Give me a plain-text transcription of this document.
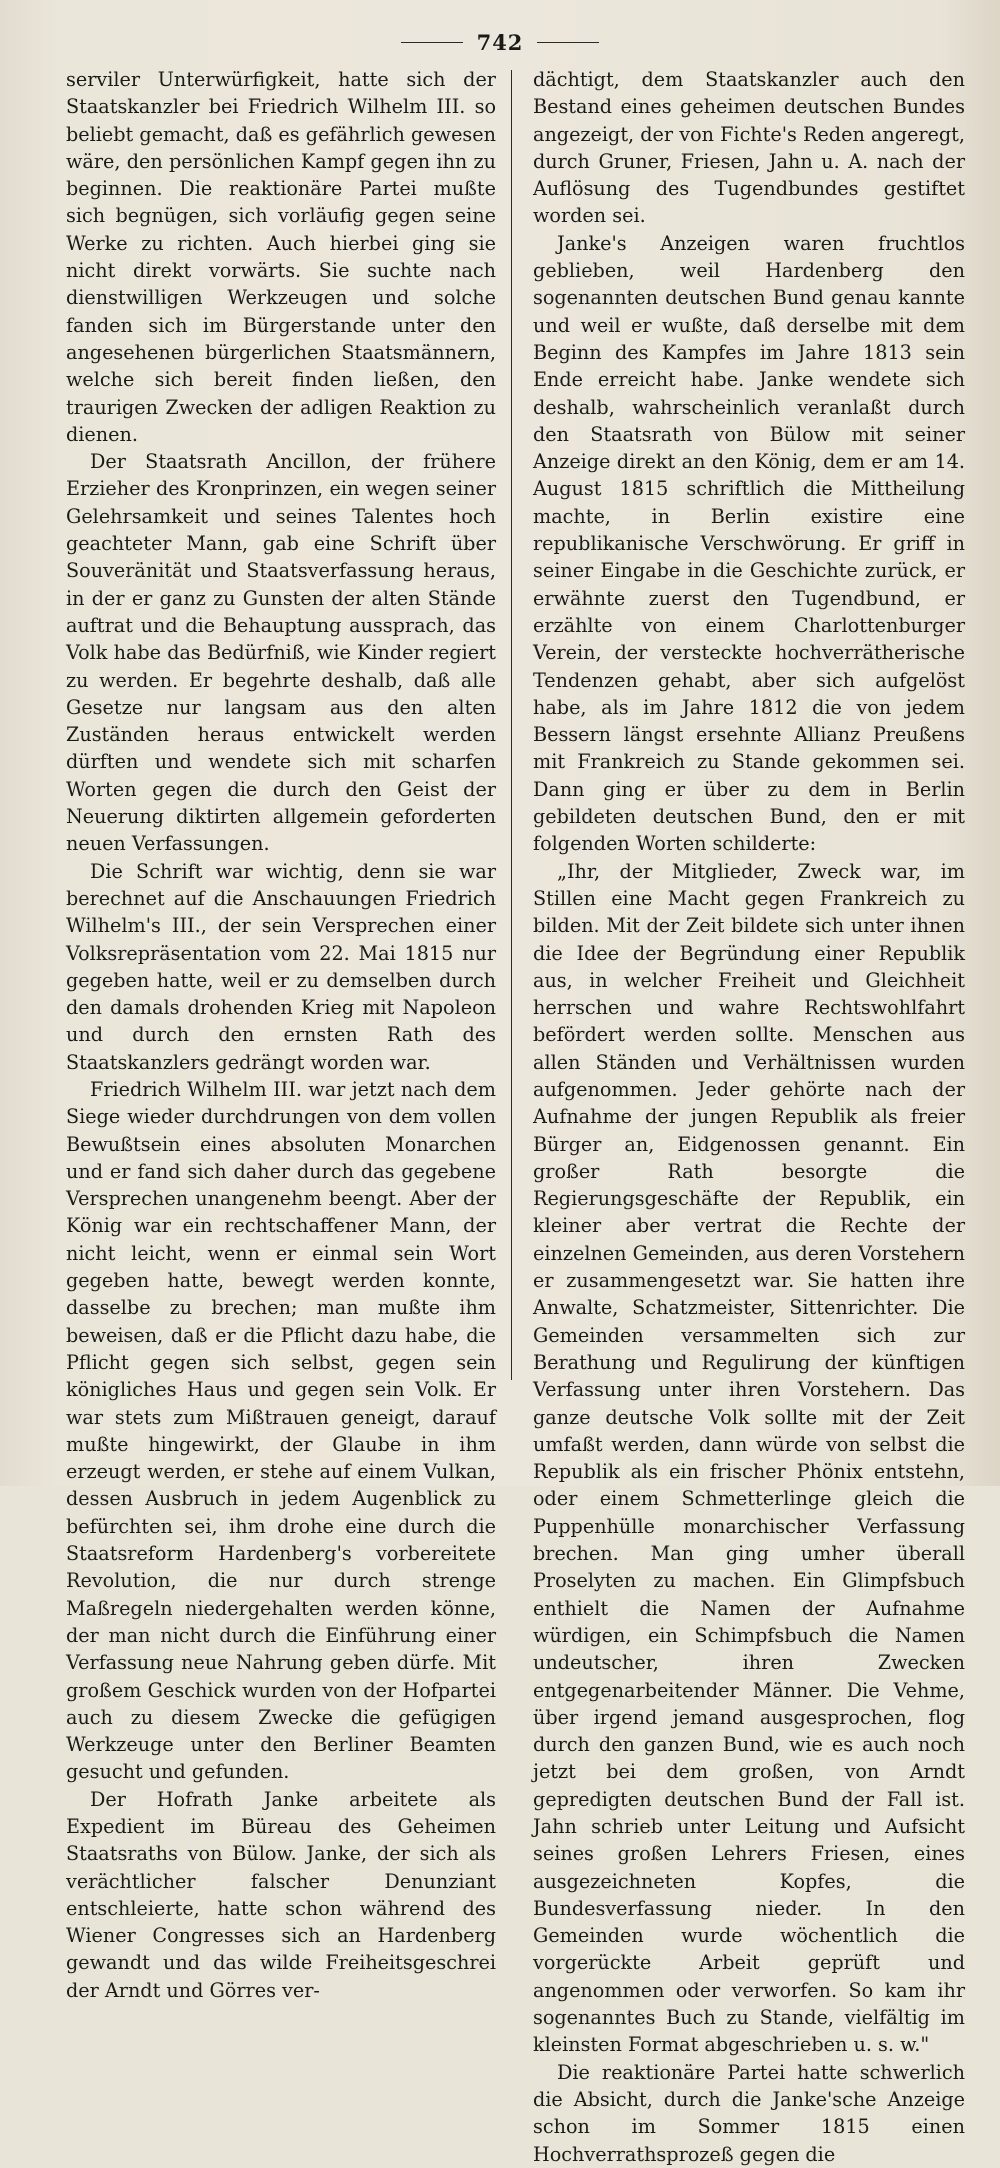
742

serviler Unterwürfigkeit, hatte sich der Staatskanzler bei Friedrich Wilhelm III. so beliebt gemacht, daß es gefährlich gewesen wäre, den persönlichen Kampf gegen ihn zu beginnen. Die reaktionäre Partei mußte sich begnügen, sich vorläufig gegen seine Werke zu richten. Auch hierbei ging sie nicht direkt vorwärts. Sie suchte nach dienstwilligen Werkzeugen und solche fanden sich im Bürgerstande unter den angesehenen bürgerlichen Staatsmännern, welche sich bereit finden ließen, den traurigen Zwecken der adligen Reaktion zu dienen.

Der Staatsrath Ancillon, der frühere Erzieher des Kronprinzen, ein wegen seiner Gelehrsamkeit und seines Talentes hoch geachteter Mann, gab eine Schrift über Souveränität und Staatsverfassung heraus, in der er ganz zu Gunsten der alten Stände auftrat und die Behauptung aussprach, das Volk habe das Bedürfniß, wie Kinder regiert zu werden. Er begehrte deshalb, daß alle Gesetze nur langsam aus den alten Zuständen heraus entwickelt werden dürften und wendete sich mit scharfen Worten gegen die durch den Geist der Neuerung diktirten allgemein geforderten neuen Verfassungen.

Die Schrift war wichtig, denn sie war berechnet auf die Anschauungen Friedrich Wilhelm's III., der sein Versprechen einer Volksrepräsentation vom 22. Mai 1815 nur gegeben hatte, weil er zu demselben durch den damals drohenden Krieg mit Napoleon und durch den ernsten Rath des Staatskanzlers gedrängt worden war.

Friedrich Wilhelm III. war jetzt nach dem Siege wieder durchdrungen von dem vollen Bewußtsein eines absoluten Monarchen und er fand sich daher durch das gegebene Versprechen unangenehm beengt. Aber der König war ein rechtschaffener Mann, der nicht leicht, wenn er einmal sein Wort gegeben hatte, bewegt werden konnte, dasselbe zu brechen; man mußte ihm beweisen, daß er die Pflicht dazu habe, die Pflicht gegen sich selbst, gegen sein königliches Haus und gegen sein Volk. Er war stets zum Mißtrauen geneigt, darauf mußte hingewirkt, der Glaube in ihm erzeugt werden, er stehe auf einem Vulkan, dessen Ausbruch in jedem Augenblick zu befürchten sei, ihm drohe eine durch die Staatsreform Hardenberg's vorbereitete Revolution, die nur durch strenge Maßregeln niedergehalten werden könne, der man nicht durch die Einführung einer Verfassung neue Nahrung geben dürfe. Mit großem Geschick wurden von der Hofpartei auch zu diesem Zwecke die gefügigen Werkzeuge unter den Berliner Beamten gesucht und gefunden.

Der Hofrath Janke arbeitete als Expedient im Büreau des Geheimen Staatsraths von Bülow. Janke, der sich als verächtlicher falscher Denunziant entschleierte, hatte schon während des Wiener Congresses sich an Hardenberg gewandt und das wilde Freiheitsgeschrei der Arndt und Görres ver-

dächtigt, dem Staatskanzler auch den Bestand eines geheimen deutschen Bundes angezeigt, der von Fichte's Reden angeregt, durch Gruner, Friesen, Jahn u. A. nach der Auflösung des Tugendbundes gestiftet worden sei.

Janke's Anzeigen waren fruchtlos geblieben, weil Hardenberg den sogenannten deutschen Bund genau kannte und weil er wußte, daß derselbe mit dem Beginn des Kampfes im Jahre 1813 sein Ende erreicht habe. Janke wendete sich deshalb, wahrscheinlich veranlaßt durch den Staatsrath von Bülow mit seiner Anzeige direkt an den König, dem er am 14. August 1815 schriftlich die Mittheilung machte, in Berlin existire eine republikanische Verschwörung. Er griff in seiner Eingabe in die Geschichte zurück, er erwähnte zuerst den Tugendbund, er erzählte von einem Charlottenburger Verein, der versteckte hochverrätherische Tendenzen gehabt, aber sich aufgelöst habe, als im Jahre 1812 die von jedem Bessern längst ersehnte Allianz Preußens mit Frankreich zu Stande gekommen sei. Dann ging er über zu dem in Berlin gebildeten deutschen Bund, den er mit folgenden Worten schilderte:

„Ihr, der Mitglieder, Zweck war, im Stillen eine Macht gegen Frankreich zu bilden. Mit der Zeit bildete sich unter ihnen die Idee der Begründung einer Republik aus, in welcher Freiheit und Gleichheit herrschen und wahre Rechtswohlfahrt befördert werden sollte. Menschen aus allen Ständen und Verhältnissen wurden aufgenommen. Jeder gehörte nach der Aufnahme der jungen Republik als freier Bürger an, Eidgenossen genannt. Ein großer Rath besorgte die Regierungsgeschäfte der Republik, ein kleiner aber vertrat die Rechte der einzelnen Gemeinden, aus deren Vorstehern er zusammengesetzt war. Sie hatten ihre Anwalte, Schatzmeister, Sittenrichter. Die Gemeinden versammelten sich zur Berathung und Regulirung der künftigen Verfassung unter ihren Vorstehern. Das ganze deutsche Volk sollte mit der Zeit umfaßt werden, dann würde von selbst die Republik als ein frischer Phönix entstehn, oder einem Schmetterlinge gleich die Puppenhülle monarchischer Verfassung brechen. Man ging umher überall Proselyten zu machen. Ein Glimpfsbuch enthielt die Namen der Aufnahme würdigen, ein Schimpfsbuch die Namen undeutscher, ihren Zwecken entgegenarbeitender Männer. Die Vehme, über irgend jemand ausgesprochen, flog durch den ganzen Bund, wie es auch noch jetzt bei dem großen, von Arndt gepredigten deutschen Bund der Fall ist. Jahn schrieb unter Leitung und Aufsicht seines großen Lehrers Friesen, eines ausgezeichneten Kopfes, die Bundesverfassung nieder. In den Gemeinden wurde wöchentlich die vorgerückte Arbeit geprüft und angenommen oder verworfen. So kam ihr sogenanntes Buch zu Stande, vielfältig im kleinsten Format abgeschrieben u. s. w."

Die reaktionäre Partei hatte schwerlich die Absicht, durch die Janke'sche Anzeige schon im Sommer 1815 einen Hochverrathsprozeß gegen die
